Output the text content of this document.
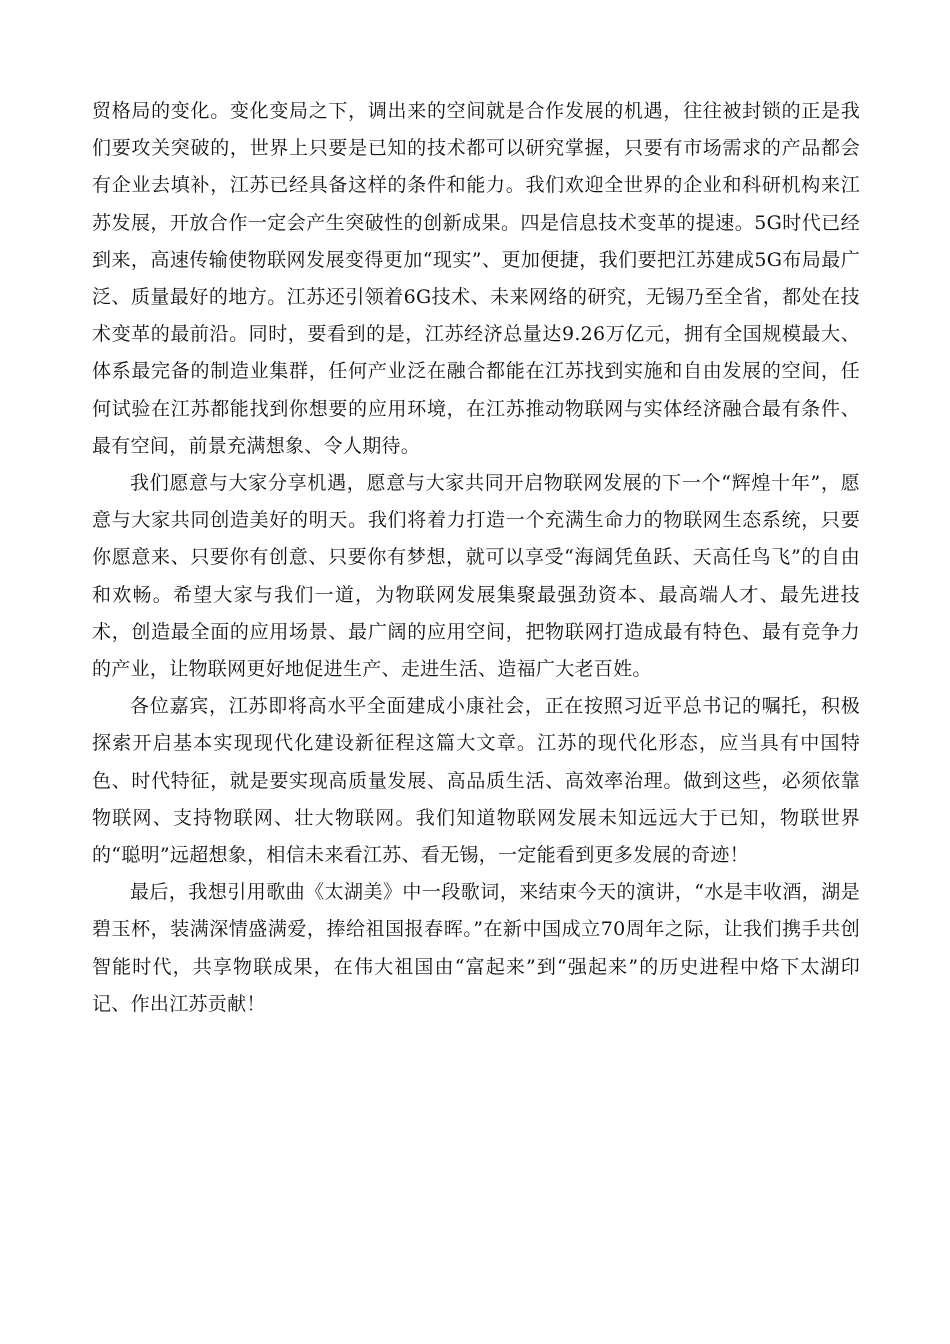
贸格局的变化。变化变局之下，调出来的空间就是合作发展的机遇，往往被封锁的正是我们要攻关突破的，世界上只要是已知的技术都可以研究掌握，只要有市场需求的产品都会有企业去填补，江苏已经具备这样的条件和能力。我们欢迎全世界的企业和科研机构来江苏发展，开放合作一定会产生突破性的创新成果。四是信息技术变革的提速。5G时代已经到来，高速传输使物联网发展变得更加“现实”、更加便捷，我们要把江苏建成5G布局最广泛、质量最好的地方。江苏还引领着6G技术、未来网络的研究，无锡乃至全省，都处在技术变革的最前沿。同时，要看到的是，江苏经济总量达9.26万亿元，拥有全国规模最大、体系最完备的制造业集群，任何产业泛在融合都能在江苏找到实施和自由发展的空间，任何试验在江苏都能找到你想要的应用环境，在江苏推动物联网与实体经济融合最有条件、最有空间，前景充满想象、令人期待。

我们愿意与大家分享机遇，愿意与大家共同开启物联网发展的下一个“辉煌十年”，愿意与大家共同创造美好的明天。我们将着力打造一个充满生命力的物联网生态系统，只要你愿意来、只要你有创意、只要你有梦想，就可以享受“海阔凭鱼跃、天高任鸟飞”的自由和欢畅。希望大家与我们一道，为物联网发展集聚最强劲资本、最高端人才、最先进技术，创造最全面的应用场景、最广阔的应用空间，把物联网打造成最有特色、最有竞争力的产业，让物联网更好地促进生产、走进生活、造福广大老百姓。

各位嘉宾，江苏即将高水平全面建成小康社会，正在按照习近平总书记的嘱托，积极探索开启基本实现现代化建设新征程这篇大文章。江苏的现代化形态，应当具有中国特色、时代特征，就是要实现高质量发展、高品质生活、高效率治理。做到这些，必须依靠物联网、支持物联网、壮大物联网。我们知道物联网发展未知远远大于已知，物联世界的“聪明”远超想象，相信未来看江苏、看无锡，一定能看到更多发展的奇迹！

最后，我想引用歌曲《太湖美》中一段歌词，来结束今天的演讲，“水是丰收酒，湖是碧玉杯，装满深情盛满爱，捧给祖国报春晖。”在新中国成立70周年之际，让我们携手共创智能时代，共享物联成果，在伟大祖国由“富起来”到“强起来”的历史进程中烙下太湖印记、作出江苏贡献！
